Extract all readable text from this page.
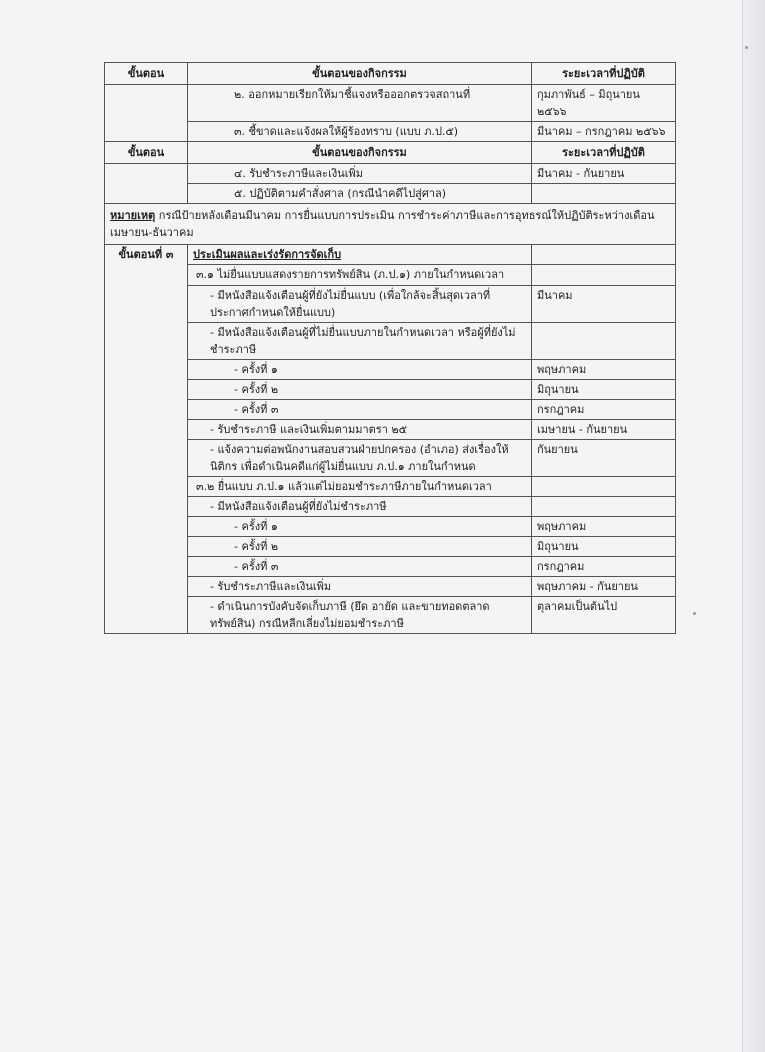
ขั้นตอน	ขั้นตอนของกิจกรรม	ระยะเวลาที่ปฏิบัติ
	๒. ออกหมายเรียกให้มาชี้แจงหรือออกตรวจสถานที่	กุมภาพันธ์ – มิถุนายน ๒๕๖๖
	๓. ชี้ขาดและแจ้งผลให้ผู้ร้องทราบ (แบบ ภ.ป.๕)	มีนาคม – กรกฎาคม ๒๕๖๖
ขั้นตอน	ขั้นตอนของกิจกรรม	ระยะเวลาที่ปฏิบัติ
	๔. รับชำระภาษีและเงินเพิ่ม	มีนาคม - กันยายน
	๕. ปฏิบัติตามคำสั่งศาล (กรณีนำคดีไปสู่ศาล)	
หมายเหตุ กรณีป้ายหลังเดือนมีนาคม การยื่นแบบการประเมิน การชำระค่าภาษีและการอุทธรณ์ให้ปฏิบัติระหว่างเดือนเมษายน-ธันวาคม		
ขั้นตอนที่ ๓	ประเมินผลและเร่งรัดการจัดเก็บ	
	๓.๑ ไม่ยื่นแบบแสดงรายการทรัพย์สิน (ภ.ป.๑) ภายในกำหนดเวลา	
	- มีหนังสือแจ้งเตือนผู้ที่ยังไม่ยื่นแบบ (เพื่อใกล้จะสิ้นสุดเวลาที่ประกาศกำหนดให้ยื่นแบบ)	มีนาคม
	- มีหนังสือแจ้งเตือนผู้ที่ไม่ยื่นแบบภายในกำหนดเวลา หรือผู้ที่ยังไม่ชำระภาษี	
	- ครั้งที่ ๑	พฤษภาคม
	- ครั้งที่ ๒	มิถุนายน
	- ครั้งที่ ๓	กรกฎาคม
	- รับชำระภาษี และเงินเพิ่มตามมาตรา ๒๕	เมษายน - กันยายน
	- แจ้งความต่อพนักงานสอบสวนฝ่ายปกครอง (อำเภอ) ส่งเรื่องให้นิติกร เพื่อดำเนินคดีแก่ผู้ไม่ยื่นแบบ ภ.ป.๑ ภายในกำหนด	กันยายน
	๓.๒ ยื่นแบบ ภ.ป.๑ แล้วแต่ไม่ยอมชำระภาษีภายในกำหนดเวลา	
	- มีหนังสือแจ้งเตือนผู้ที่ยังไม่ชำระภาษี	
	- ครั้งที่ ๑	พฤษภาคม
	- ครั้งที่ ๒	มิถุนายน
	- ครั้งที่ ๓	กรกฎาคม
	- รับชำระภาษีและเงินเพิ่ม	พฤษภาคม - กันยายน
	- ดำเนินการบังคับจัดเก็บภาษี (ยึด อายัด และขายทอดตลาดทรัพย์สิน) กรณีหลีกเลี่ยงไม่ยอมชำระภาษี	ตุลาคมเป็นต้นไป
